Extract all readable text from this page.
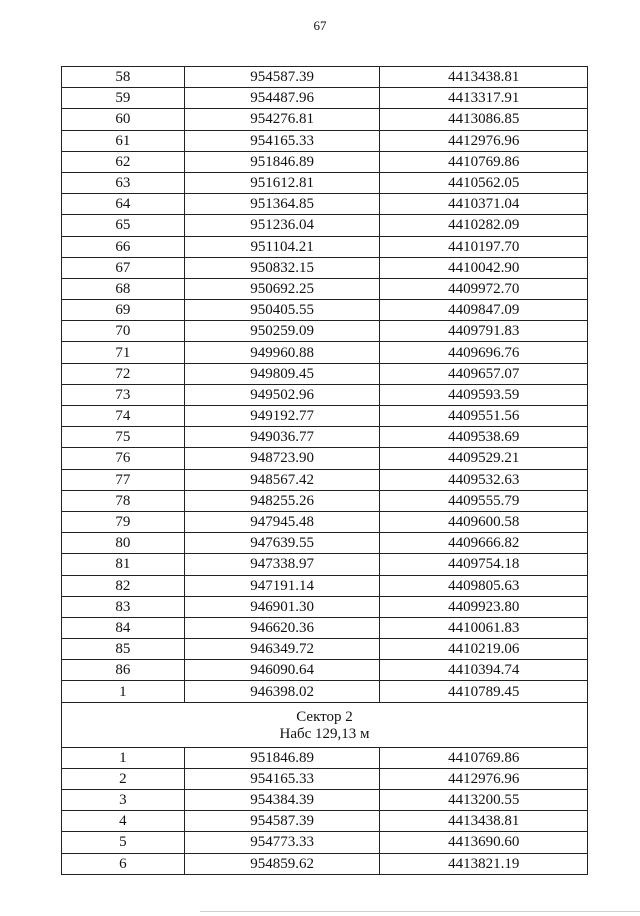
67
58	954587.39	4413438.81
59	954487.96	4413317.91
60	954276.81	4413086.85
61	954165.33	4412976.96
62	951846.89	4410769.86
63	951612.81	4410562.05
64	951364.85	4410371.04
65	951236.04	4410282.09
66	951104.21	4410197.70
67	950832.15	4410042.90
68	950692.25	4409972.70
69	950405.55	4409847.09
70	950259.09	4409791.83
71	949960.88	4409696.76
72	949809.45	4409657.07
73	949502.96	4409593.59
74	949192.77	4409551.56
75	949036.77	4409538.69
76	948723.90	4409529.21
77	948567.42	4409532.63
78	948255.26	4409555.79
79	947945.48	4409600.58
80	947639.55	4409666.82
81	947338.97	4409754.18
82	947191.14	4409805.63
83	946901.30	4409923.80
84	946620.36	4410061.83
85	946349.72	4410219.06
86	946090.64	4410394.74
1	946398.02	4410789.45

Сектор 2
Набс 129,13 м		

1	951846.89	4410769.86
2	954165.33	4412976.96
3	954384.39	4413200.55
4	954587.39	4413438.81
5	954773.33	4413690.60
6	954859.62	4413821.19
